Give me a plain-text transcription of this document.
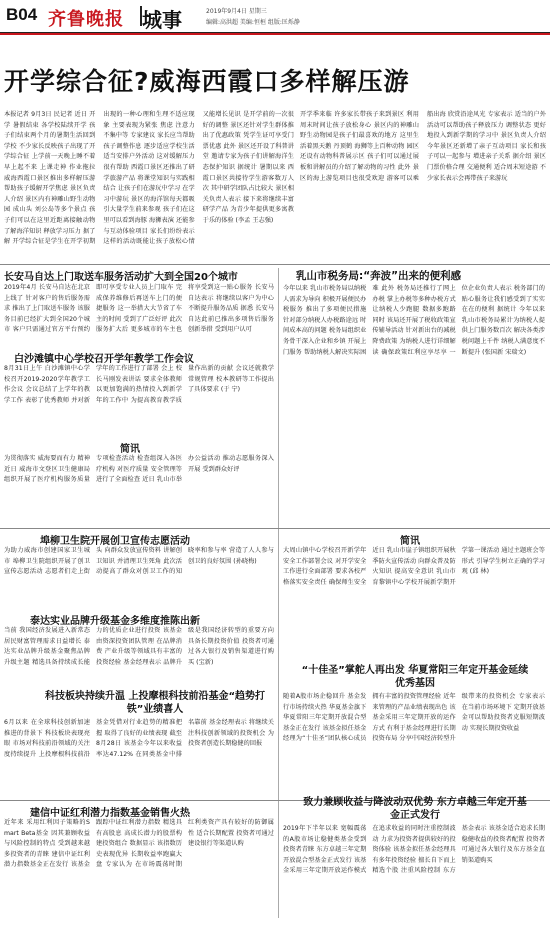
B04 齐鲁晚报 城事	2019年9月4日 星期三
编辑:高洪超 美编:恒桓 组版:匡烁静
开学综合征?威海西霞口多样解压游
本报记者 9月3日 民记者 近日 开学 暑假结束 各学校陆续开学 孩子们结束两个月的暑期生活回到学校 不少家长反映孩子出现了开学综合征 上学前一天晚上睡不着 早上起不来 上课走神 作业拖拉 威海西霞口景区推出多样解压游 帮助孩子缓解开学焦虑 景区负责人介绍 景区内有神雕山野生动物园 成山头 刘公岛等多个景点 孩子们可以在这里近距离接触动物 了解海洋知识 释放学习压力 据了解 开学综合征是学生在开学初期出现的一种心理和生理不适应现象 主要表现为紧张 焦虑 注意力不集中等 专家建议 家长应当帮助孩子调整作息 逐步适应学校生活 适当安排户外活动 这对缓解压力很有帮助 西霞口景区还推出了研学旅游产品 将课堂知识与实践相结合 让孩子们在游玩中学习 在学习中游玩 景区的海洋馆每天都吸引大量学生前来参观 孩子们在这里可以看到海豚 海狮表演 还能参与互动体验项目 家长们纷纷表示 这样的活动既能让孩子放松心情 又能增长见识 是开学前的一次很好的调整 景区还针对学生群体推出了优惠政策 凭学生证可享受门票优惠 此外 景区还开设了科普讲堂 邀请专家为孩子们讲解海洋生态保护知识 据统计 暑期以来 西霞口景区共接待学生游客数万人次 其中研学团队占比较大 景区相关负责人表示 接下来将继续丰富研学产品 为青少年提供更多寓教于乐的体验 (李孟 王志强)
开学季来临 许多家长带孩子来到景区 利用周末时间让孩子放松身心 景区内的神雕山野生动物园是孩子们最喜欢的地方 这里生活着黑天鹅 丹顶鹤 海狮等上百种动物 园区还设有动物科普展示区 孩子们可以通过展板和讲解员的介绍了解动物的习性 此外 景区的海上游览项目也很受欢迎 游客可以乘船出海 欣赏沿途风光 专家表示 适当的户外活动可以帮助孩子释放压力 调整状态 更好地投入到新学期的学习中 景区负责人介绍 今年景区还新增了亲子互动项目 家长和孩子可以一起参与 增进亲子关系 据介绍 景区门票价格合理 交通便利 适合周末短途游 不少家长表示会再带孩子来游玩
长安马自达上门取送车服务活动扩大到全国20个城市
2019年4月 长安马自达在北京上线了 针对客户的售后服务需求 推出了上门取送车服务 该服务目前已经扩大到全国20个城市 客户只需通过官方平台预约 即可享受专业人员上门取车 完成保养维修后再送车上门的便捷服务 这一举措大大节省了车主的时间 受到了广泛好评 此次服务扩大后 更多城市的车主也将享受到这一贴心服务 长安马自达表示 将继续以客户为中心 不断提升服务品质 据悉 长安马自达此前已推出多项售后服务创新举措 受到用户认可
白沙滩镇中心学校召开学年教学工作会议
8月31日上午 白沙滩镇中心学校召开2019-2020学年教学工作会议 会议总结了上学年的教学工作 表彰了优秀教师 并对新学年的工作进行了部署 会上 校长马刚发表讲话 要求全体教师以更加饱满的热情投入到新学年的工作中 为提高教育教学质量作出新的贡献 会议还就教学常规管理 校本教研等工作提出了具体要求 (于 宁)
简讯
为贯彻落实 威海要而有力 精神 近日 威海市文登区卫生健康局组织开展了医疗机构服务质量专项检查活动 检查组深入各医疗机构 对医疗质量 安全管理等进行了全面检查 近日 乳山市举办公益活动 推动志愿服务深入开展 受到群众好评
乳山市税务局:“奔波”出来的便利感
今年以来 乳山市税务局以纳税人需求为导向 积极开展便民办税服务 推出了多项便民措施 针对部分纳税人办税路途远 时间成本高的问题 税务局组织业务骨干深入企业和乡镇 开展上门服务 帮助纳税人解决实际困难 此外 税务局还推行了网上办税 掌上办税等多种办税方式 让纳税人少跑腿 数据多跑路 同时 该局还开展了税收政策宣传辅导活动 针对新出台的减税降费政策 为纳税人进行详细解读 确保政策红利应享尽享 一位企业负责人表示 税务部门的贴心服务让我们感受到了实实在在的便利 据统计 今年以来 乳山市税务局累计为纳税人提供上门服务数百次 解决各类涉税问题上千件 纳税人满意度不断提升 (张国新 宋瑞文)
埠柳卫生院开展创卫宣传志愿活动
为助力威海市创建国家卫生城市 埠柳卫生院组织开展了创卫宣传志愿活动 志愿者们走上街头 向群众发放宣传资料 讲解创卫知识 并清理卫生死角 此次活动提高了群众对创卫工作的知晓率和参与率 营造了人人参与创卫的良好氛围 (孙晓梅)
简讯
大周山镇中心学校召开新学年安全工作部署会议 对开学安全工作进行全面部署 要求各校严格落实安全责任 确保师生安全 近日 乳山市崖子镇组织开展秋季防火宣传活动 向群众普及防火知识 提高安全意识 乳山市育黎镇中心学校开展新学期开学第一课活动 通过主题班会等形式 引导学生树立正确的学习观 (邱 林)
泰达实业品牌升级基金多维度推陈出新
当前 我国经济发展进入新常态 居民财富管理需求日益增长 泰达实业品牌升级基金聚焦品牌升级主题 精选具备持续成长能力的优质企业进行投资 该基金由资深投资团队管理 在品牌消费 产业升级等领域具有丰富的投资经验 基金经理表示 品牌升级是我国经济转型的重要方向 具备长期投资价值 投资者可通过各大银行及销售渠道进行购买 (宝新)
科技板块持续升温 上投摩根科技前沿基金“趋势打铁”业绩喜人
6月以来 在全球科技创新加速推进的背景下 科技板块表现亮眼 市场对科技前沿领域的关注度持续提升 上投摩根科技前沿基金凭借对行业趋势的精准把握 取得了良好的业绩表现 截至8月28日 该基金今年以来收益率达47.12% 在同类基金中排名靠前 基金经理表示 将继续关注科技创新领域的投资机会 为投资者创造长期稳健的回报
“十佳圣”掌舵人再出发 华夏常阳三年定开基金延续优秀基因
随着A股市场企稳回升 基金发行市场持续火热 华夏基金旗下华夏常阳三年定期开放混合型基金正在发行 该基金拟任基金经理为“十佳圣”团队核心成员 拥有丰富的投资管理经验 近年来管理的产品业绩表现出色 该基金采用三年定期开放的运作方式 有利于基金经理进行长期投资布局 分享中国经济转型升级带来的投资机会 专家表示 在当前市场环境下 定期开放基金可以帮助投资者克服短期波动 实现长期投资收益
建信中证红利潜力指数基金销售火热
近年来 采用红利因子策略的Smart Beta基金 因其兼顾收益与风险控制的特点 受到越来越多投资者的青睐 建信中证红利潜力指数基金正在发行 该基金跟踪中证红利潜力指数 精选具有高股息 高成长潜力的股票构建投资组合 数据显示 该指数历史表现优异 长期收益率跑赢大盘 专家认为 在市场震荡时期 红利类资产具有较好的防御属性 适合长期配置 投资者可通过建设银行等渠道认购
致力兼顾收益与降波动双优势 东方卓越三年定开基金正式发行
2019年下半年以来 宽幅震荡的A股市场让稳健类基金受到投资者青睐 东方卓越三年定期开放混合型基金正式发行 该基金采用三年定期开放运作模式 在追求收益的同时注重控制波动 力求为投资者提供较好的投资体验 该基金拟任基金经理具有多年投资经验 擅长自下而上精选个股 注重风险控制 东方基金表示 该基金适合追求长期稳健收益的投资者配置 投资者可通过各大银行及东方基金直销渠道购买
